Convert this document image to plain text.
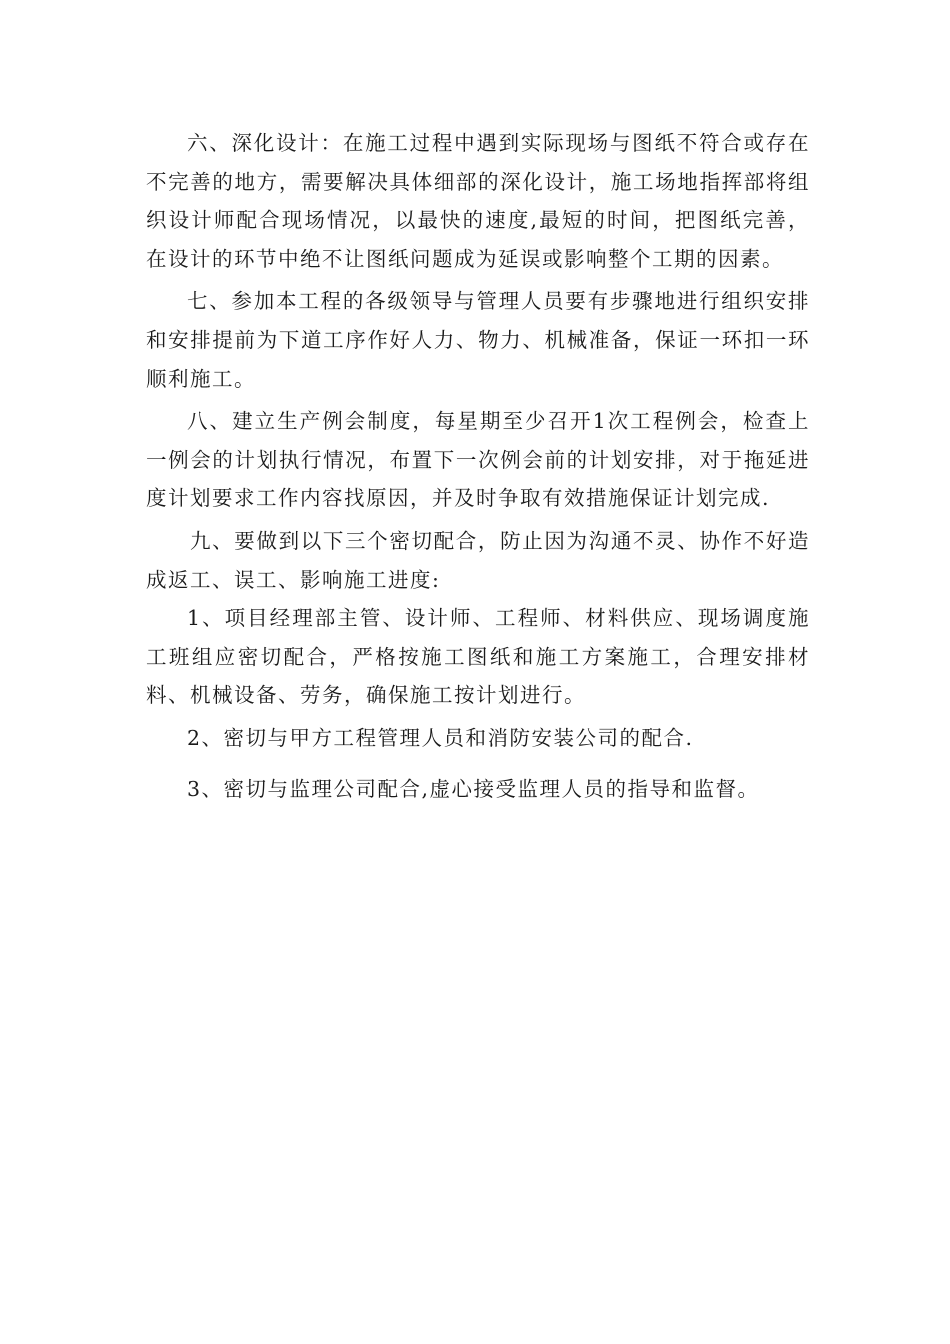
六、深化设计：在施工过程中遇到实际现场与图纸不符合或存在不完善的地方，需要解决具体细部的深化设计，施工场地指挥部将组织设计师配合现场情况，以最快的速度,最短的时间，把图纸完善，在设计的环节中绝不让图纸问题成为延误或影响整个工期的因素。

七、参加本工程的各级领导与管理人员要有步骤地进行组织安排和安排提前为下道工序作好人力、物力、机械准备，保证一环扣一环顺利施工。

八、建立生产例会制度，每星期至少召开1次工程例会，检查上一例会的计划执行情况，布置下一次例会前的计划安排，对于拖延进度计划要求工作内容找原因，并及时争取有效措施保证计划完成.

九、要做到以下三个密切配合，防止因为沟通不灵、协作不好造成返工、误工、影响施工进度:

1、项目经理部主管、设计师、工程师、材料供应、现场调度施工班组应密切配合，严格按施工图纸和施工方案施工，合理安排材料、机械设备、劳务，确保施工按计划进行。

2、密切与甲方工程管理人员和消防安装公司的配合.

3、密切与监理公司配合,虚心接受监理人员的指导和监督。
